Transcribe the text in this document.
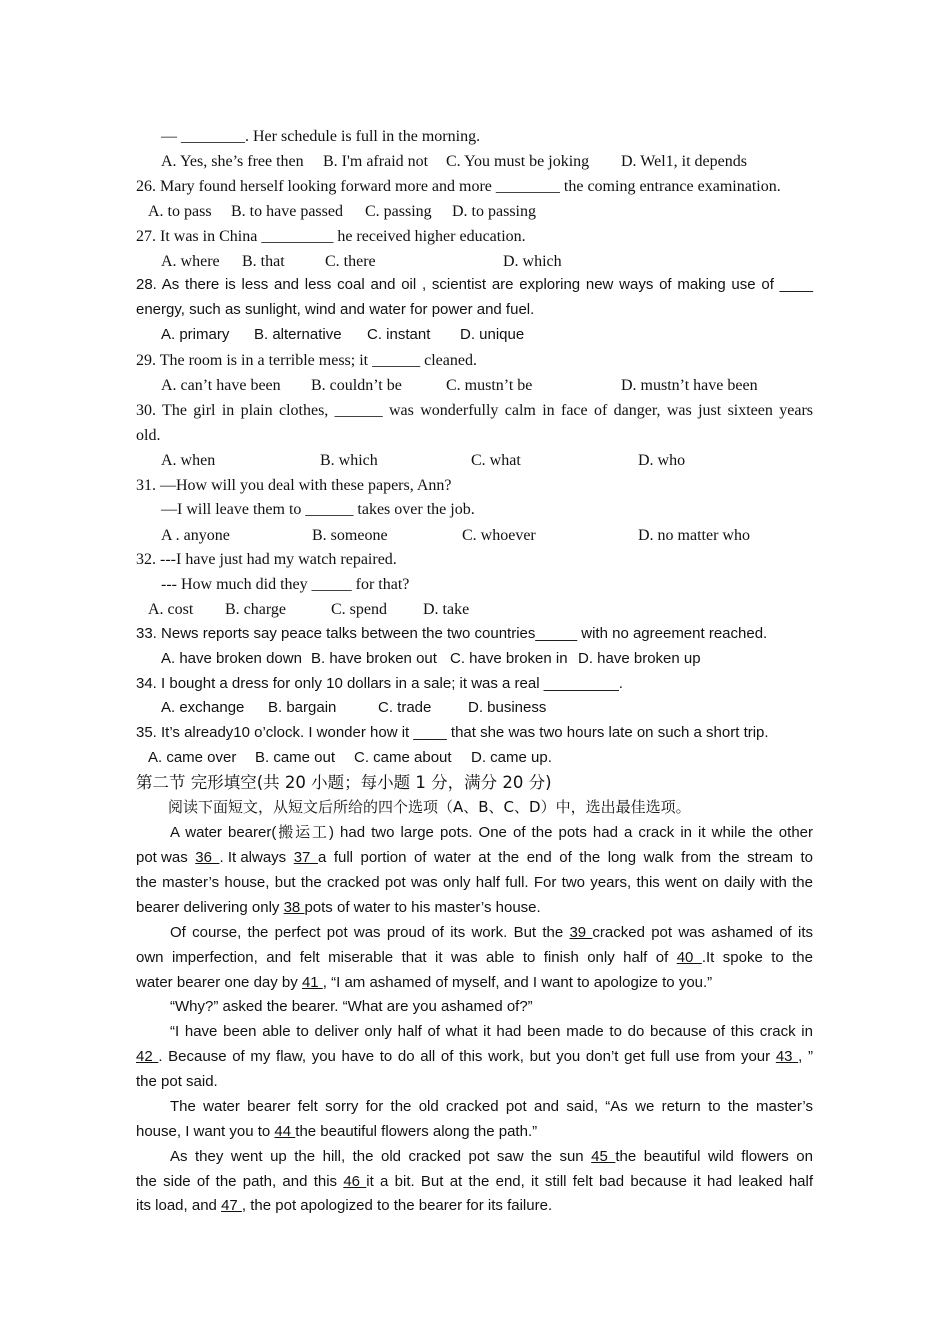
— ________. Her schedule is full in the morning.
A. Yes, she’s free then B. I'm afraid not C. You must be joking D. Wel1, it depends
26. Mary found herself looking forward more and more ________ the coming entrance examination.
A. to pass B. to have passed C. passing D. to passing
27. It was in China _________ he received higher education.
A. where B. that	C. there	D. which
28. As there is less and less coal and oil , scientist are exploring new ways of making use of ____
energy, such as sunlight, wind and water for power and fuel.
A. primary B. alternative C. instant D. unique
29. The room is in a terrible mess; it ______ cleaned.
A. can’t have been B. couldn’t be	C. mustn’t be	D. mustn’t have been
30. The girl in plain clothes, ______ was wonderfully calm in face of danger, was just sixteen years
old.
A. when	B. which	C. what	D. who
31. —How will you deal with these papers, Ann?
—I will leave them to ______ takes over the job.
A . anyone	B. someone	C. whoever	D. no matter who
32. ---I have just had my watch repaired.
--- How much did they _____ for that?
A. cost B. charge	C. spend D. take
33. News reports say peace talks between the two countries_____ with no agreement reached.
A. have broken down B. have broken out C. have broken in D. have broken up
34. I bought a dress for only 10 dollars in a sale; it was a real _________.
A. exchange B. bargain	C. trade D. business
35. It’s already10 o’clock. I wonder how it ____ that she was two hours late on such a short trip.
A. came over B. came out C. came about D. came up.
第二节 完形填空(共 20 小题；每小题 1 分，满分 20 分)
阅读下面短文，从短文后所给的四个选项（A、B、C、D）中，选出最佳选项。
A water bearer(搬运工) had two large pots. One of the pots had a crack in it while the other
pot was 36 . It always 37 a full portion of water at the end of the long walk from the stream to
the master’s house, but the cracked pot was only half full. For two years, this went on daily with the
bearer delivering only 38 pots of water to his master’s house.
Of course, the perfect pot was proud of its work. But the 39 cracked pot was ashamed of its
own imperfection, and felt miserable that it was able to finish only half of 40 .It spoke to the
water bearer one day by 41 , “I am ashamed of myself, and I want to apologize to you.”
“Why?” asked the bearer. “What are you ashamed of?”
“I have been able to deliver only half of what it had been made to do because of this crack in
42 . Because of my flaw, you have to do all of this work, but you don’t get full use from your 43 , ”
the pot said.
The water bearer felt sorry for the old cracked pot and said, “As we return to the master’s
house, I want you to 44 the beautiful flowers along the path.”
As they went up the hill, the old cracked pot saw the sun 45 the beautiful wild flowers on
the side of the path, and this 46 it a bit. But at the end, it still felt bad because it had leaked half
its load, and 47 , the pot apologized to the bearer for its failure.
